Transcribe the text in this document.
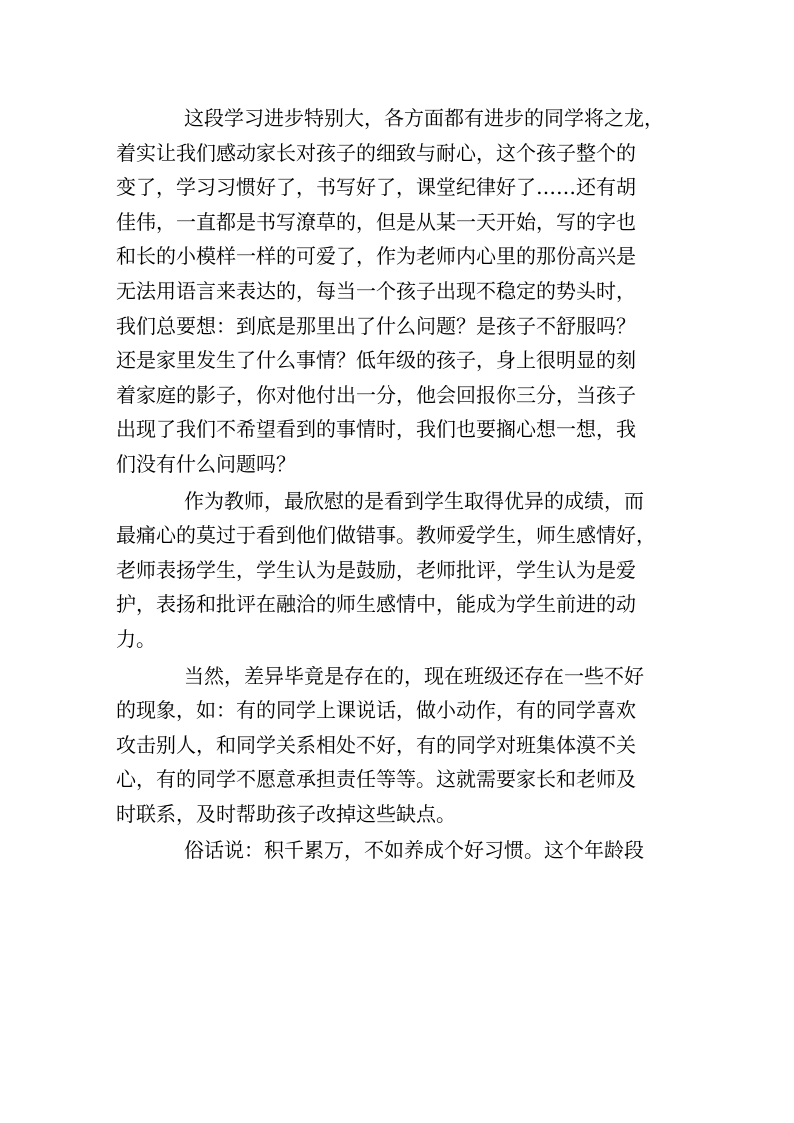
这段学习进步特别大，各方面都有进步的同学将之龙，
着实让我们感动家长对孩子的细致与耐心，这个孩子整个的
变了，学习习惯好了，书写好了，课堂纪律好了……还有胡
佳伟，一直都是书写潦草的，但是从某一天开始，写的字也
和长的小模样一样的可爱了，作为老师内心里的那份高兴是
无法用语言来表达的，每当一个孩子出现不稳定的势头时，
我们总要想：到底是那里出了什么问题？是孩子不舒服吗？
还是家里发生了什么事情？低年级的孩子，身上很明显的刻
着家庭的影子，你对他付出一分，他会回报你三分，当孩子
出现了我们不希望看到的事情时，我们也要搁心想一想，我
们没有什么问题吗？
作为教师，最欣慰的是看到学生取得优异的成绩，而
最痛心的莫过于看到他们做错事。教师爱学生，师生感情好，
老师表扬学生，学生认为是鼓励，老师批评，学生认为是爱
护，表扬和批评在融洽的师生感情中，能成为学生前进的动
力。
当然，差异毕竟是存在的，现在班级还存在一些不好
的现象，如：有的同学上课说话，做小动作，有的同学喜欢
攻击别人，和同学关系相处不好，有的同学对班集体漠不关
心，有的同学不愿意承担责任等等。这就需要家长和老师及
时联系，及时帮助孩子改掉这些缺点。
俗话说：积千累万，不如养成个好习惯。这个年龄段
